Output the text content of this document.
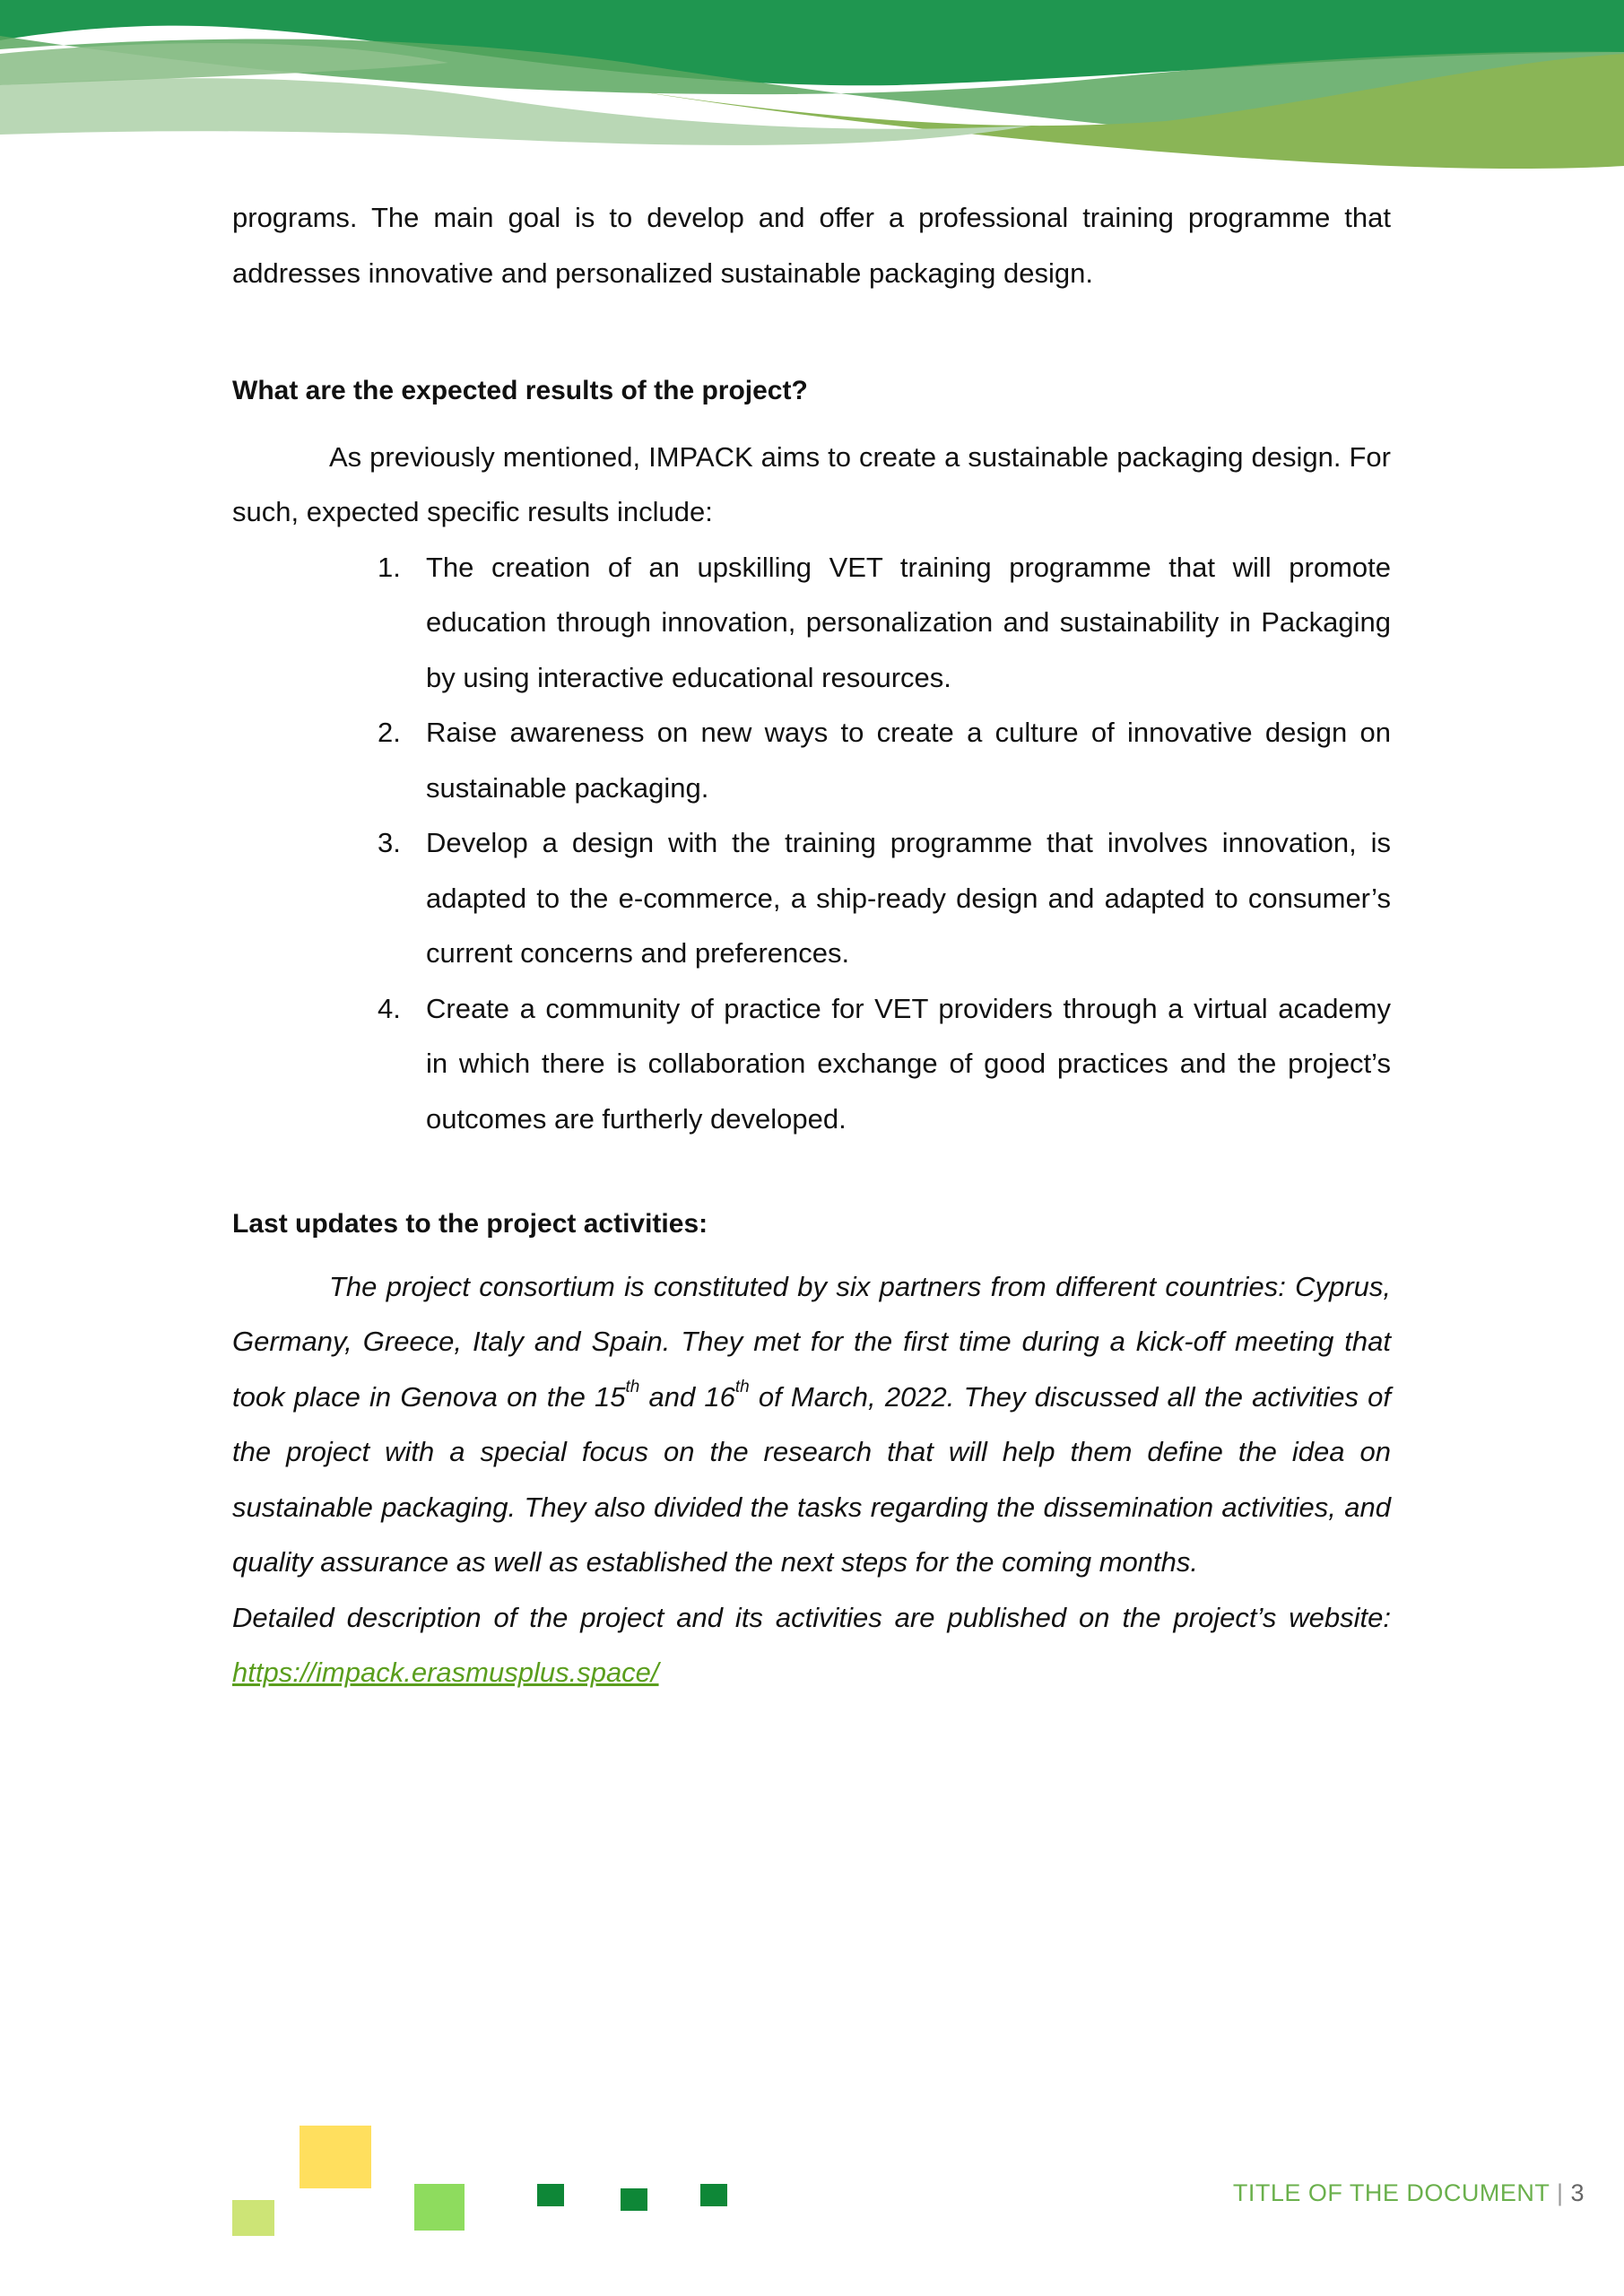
programs. The main goal is to develop and offer a professional training programme that addresses innovative and personalized sustainable packaging design.

What are the expected results of the project?

As previously mentioned, IMPACK aims to create a sustainable packaging design. For such, expected specific results include:

1. The creation of an upskilling VET training programme that will promote education through innovation, personalization and sustainability in Packaging by using interactive educational resources.
2. Raise awareness on new ways to create a culture of innovative design on sustainable packaging.
3. Develop a design with the training programme that involves innovation, is adapted to the e-commerce, a ship-ready design and adapted to consumer’s current concerns and preferences.
4. Create a community of practice for VET providers through a virtual academy in which there is collaboration exchange of good practices and the project’s outcomes are furtherly developed.
Last updates to the project activities:

The project consortium is constituted by six partners from different countries: Cyprus, Germany, Greece, Italy and Spain. They met for the first time during a kick-off meeting that took place in Genova on the 15th and 16th of March, 2022. They discussed all the activities of the project with a special focus on the research that will help them define the idea on sustainable packaging. They also divided the tasks regarding the dissemination activities, and quality assurance as well as established the next steps for the coming months.

Detailed description of the project and its activities are published on the project’s website: https://impack.erasmusplus.space/

TITLE OF THE DOCUMENT | 3
